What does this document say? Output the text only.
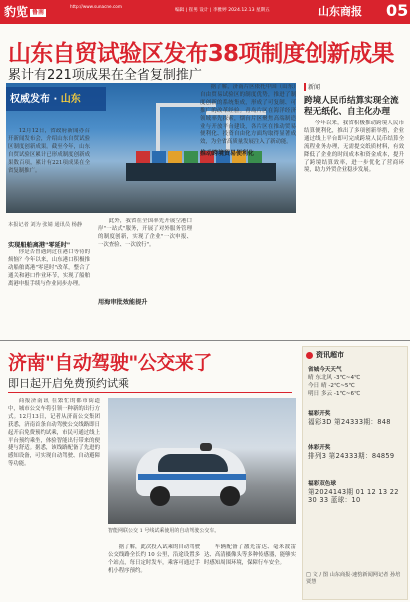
豹览 鲁南
http://www.sunacne.com
编辑 | 崔男 设计 | 李雅婷 2024.12.13 星期五	山东商报 05
山东自贸试验区发布38项制度创新成果
累计有221项成果在全省复制推广
权威发布 · 山东

12月12日，省政府新闻办召开新闻发布会，介绍山东自贸试验区制度创新成果。截至今年，山东自贸试验区累计已形成制度创新成果数百项，累计有221项成果在全省复制推广。

本报记者 刘为 张婧 通讯员 杨静
实现船舶离港"零延时"

你是否曾遇到过在港口等待的烦恼？今年以来，山东港口积极推动船舶离港"零延时"改革，整合了通关和港口作业环节，实现了船舶离港申报手续与作业同步办理。

此外，我省在全国率先开展空港口岸"一站式"服务，开展了对外服务管理的制度创新，实现了企业"一次申报、一次查验、一次放行"。

用海审批效能提升

据了解，济南片区依托中国（山东）自由贸易试验区的制度优势，推进了制度创新的系统集成，形成了可复制、可推广的改革经验。青岛片区在海洋经济领域率先探索，烟台片区聚焦高端制造业与开放平台建设，各片区在推动贸易便利化、投资自由化方面均取得显著成效，为全省高质量发展注入了新动能。

推动跨境贸易便利化
新闻
跨境人民币结算实现全流程无纸化、自主化办理

今年以来，我省积极推动跨境人民币结算便利化，推出了多项创新举措，企业通过线上平台即可完成跨境人民币结算全流程业务办理，无需提交纸质材料，有效降低了企业的时间成本和资金成本，提升了跨境结算效率，进一步优化了营商环境，助力外贸企业稳步发展。

济南"自动驾驶"公交来了
即日起开启免费预约试乘

商报济南讯 在繁忙的都市街道中，城市公交车将引领一种新的出行方式。12月13日，记者从济南公交集团获悉，济南首条自动驾驶公交线路即日起开启免费预约试乘，市民可通过线上平台预约乘坐，体验智能出行带来的便捷与舒适。据悉，该线路配备了先进的感知设备，可实现自动驾驶、自动避障等功能。

智能网联公交 1 号线试乘使用的自动驾驶公交车。

据了解，此次投入试乘的自动驾驶公交线路全长约 10 公里，沿途设置多个站点，每日定时发车，乘客可通过手机小程序预约。

车辆配备了激光雷达、毫米波雷达、高清摄像头等多种传感器，能够实时感知周围环境，保障行车安全。

资讯超市
省城今天天气
晴 东北风 -3℃~4℃
今日 晴 -2℃~5℃
明日 多云 -1℃~6℃
福彩开奖
福彩3D 第24333期：848
体彩开奖
排列3 第24333期：84859
福彩双色球
第2024143期 01 12 13 22 30 33 蓝球：10
□ 文 / 图 山东商报·速豹新闻网记者 孙培 贾慧
